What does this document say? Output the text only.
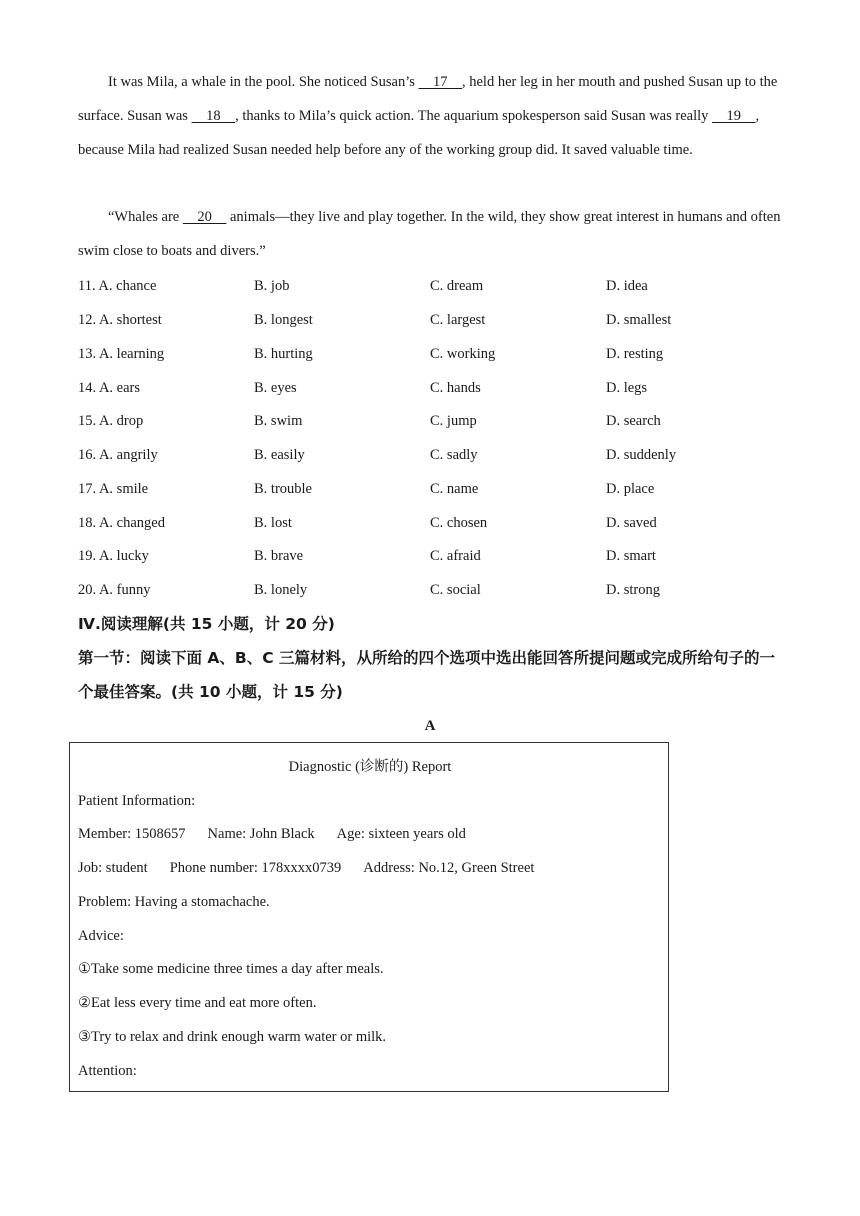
It was Mila, a whale in the pool. She noticed Susan’s     17    , held her leg in her mouth and pushed Susan up to the surface. Susan was     18    , thanks to Mila’s quick action. The aquarium spokesperson said Susan was really     19    , because Mila had realized Susan needed help before any of the working group did. It saved valuable time.

“Whales are     20     animals—they live and play together. In the wild, they show great interest in humans and often swim close to boats and divers.”

11. A. chance	B. job	C. dream	D. idea
12. A. shortest	B. longest	C. largest	D. smallest
13. A. learning	B. hurting	C. working	D. resting
14. A. ears	B. eyes	C. hands	D. legs
15. A. drop	B. swim	C. jump	D. search
16. A. angrily	B. easily	C. sadly	D. suddenly
17. A. smile	B. trouble	C. name	D. place
18. A. changed	B. lost	C. chosen	D. saved
19. A. lucky	B. brave	C. afraid	D. smart
20. A. funny	B. lonely	C. social	D. strong

Ⅳ.阅读理解(共 15 小题，计 20 分)

第一节：阅读下面 A、B、C 三篇材料，从所给的四个选项中选出能回答所提问题或完成所给句子的一个最佳答案。(共 10 小题，计 15 分)

A
Diagnostic (诊断的) Report
Patient Information:
Member: 1508657 Name: John Black Age: sixteen years old
Job: student Phone number: 178xxxx0739 Address: No.12, Green Street
Problem: Having a stomachache.
Advice:
①Take some medicine three times a day after meals.
②Eat less every time and eat more often.
③Try to relax and drink enough warm water or milk.
Attention:
